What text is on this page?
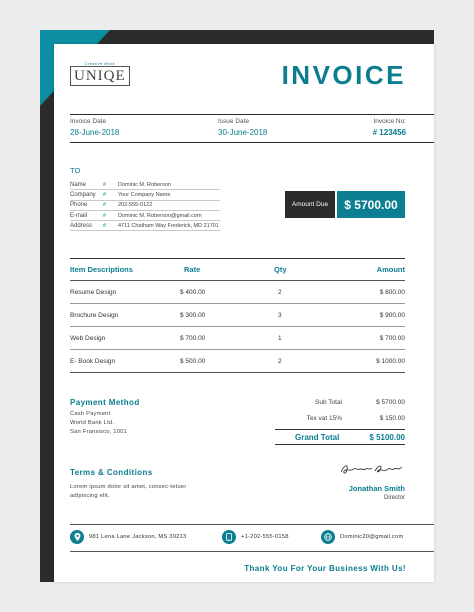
Creative Work
UNIQE	INVOICE
Invoice Date
28-June-2018
Issue Date
30-June-2018
Invoice No:
# 123456
TO
Name	#	Dominic M. Roberson
Company	#	Your Company Name
Phone	#	202-555-0122
E-mail	#	Dominic M. Roberson@gmail.com
Address	#	4711 Chatham Way Frederick, MD 21701
Amount Due	$ 5700.00
Item Descriptions	Rate	Qty	Amount
Resume Design	$ 400.00	2	$ 800.00
Brochure Design	$ 300.00	3	$ 900.00
Web Design	$ 700.00	1	$ 700.00
E- Book Design	$ 500.00	2	$ 1000.00
Payment Method
Cash Payment
World Bank Ltd.
San Fransisco, 1001
Sub Total	$ 5700.00
Tex vat 15%	$ 150.00
Grand Total	$ 5100.00
Terms & Conditions
Lorem ipsum dolor sit amet, consec-tetuer adipiscing elit,
Jonathan Smith
Director
981 Lena Lane Jackson, MS 39213	+1-202-555-0158	Dominic20@gmail.com
Thank You For Your Business With Us!
